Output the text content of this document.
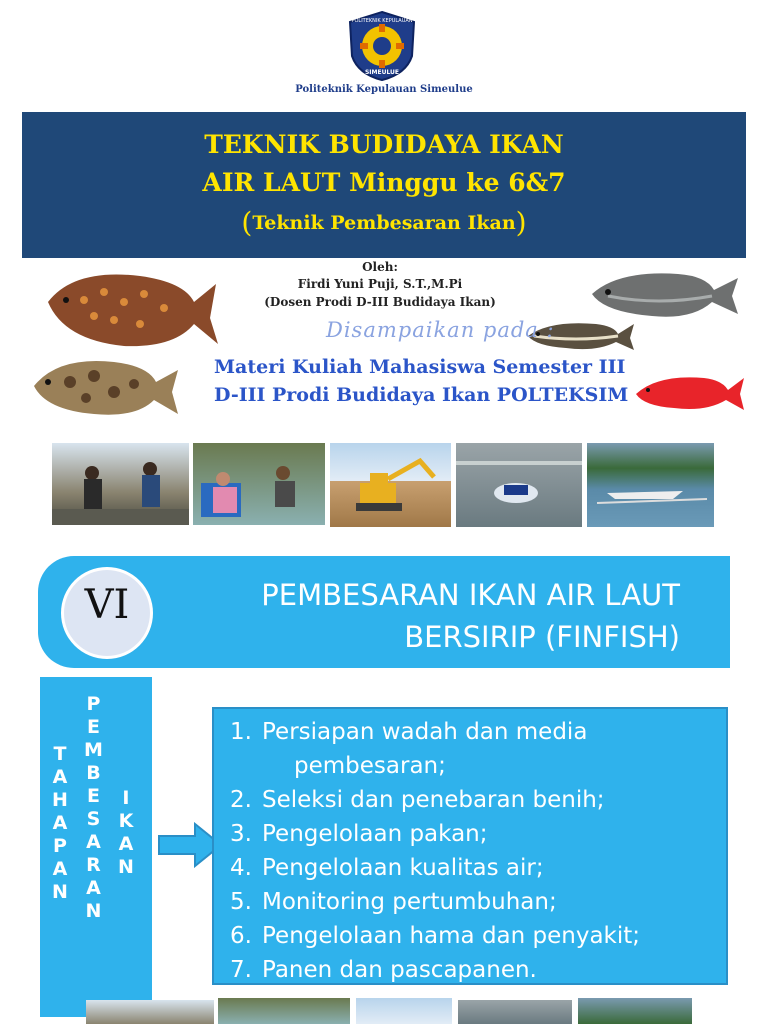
POLITEKNIK KEPULAUAN
SIMEULUE
Politeknik Kepulauan Simeulue
TEKNIK BUDIDAYA IKAN
AIR LAUT Minggu ke 6&7
(Teknik Pembesaran Ikan)
Oleh:
Firdi Yuni Puji, S.T.,M.Pi
(Dosen Prodi D-III Budidaya Ikan)
Disampaikan pada :
Materi Kuliah Mahasiswa Semester III
D-III Prodi Budidaya Ikan POLTEKSIM
VI	PEMBESARAN IKAN AIR LAUT
BERSIRIP (FINFISH)
T
A
H
A
P
A
N
P
E
M
B
E
S
A
R
A
N
I
K
A
N
1. Persiapan wadah dan media
pembesaran;
2. Seleksi dan penebaran benih;
3. Pengelolaan pakan;
4. Pengelolaan kualitas air;
5. Monitoring pertumbuhan;
6. Pengelolaan hama dan penyakit;
7. Panen dan pascapanen.
